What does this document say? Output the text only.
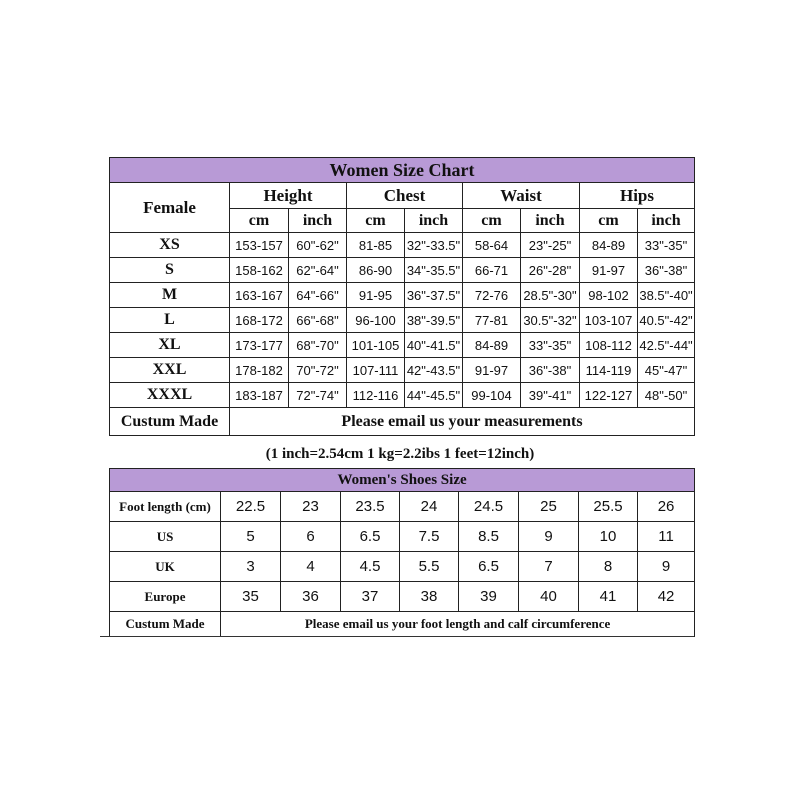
Women Size Chart								
Female	Height		Chest		Waist		Hips	
	cm	inch	cm	inch	cm	inch	cm	inch
XS	153-157	60"-62"	81-85	32"-33.5"	58-64	23"-25"	84-89	33"-35"
S	158-162	62"-64"	86-90	34"-35.5"	66-71	26"-28"	91-97	36"-38"
M	163-167	64"-66"	91-95	36"-37.5"	72-76	28.5"-30"	98-102	38.5"-40"
L	168-172	66"-68"	96-100	38"-39.5"	77-81	30.5"-32"	103-107	40.5"-42"
XL	173-177	68"-70"	101-105	40"-41.5"	84-89	33"-35"	108-112	42.5"-44"
XXL	178-182	70"-72"	107-111	42"-43.5"	91-97	36"-38"	114-119	45"-47"
XXXL	183-187	72"-74"	112-116	44"-45.5"	99-104	39"-41"	122-127	48"-50"
Custum Made	Please email us your measurements							
(1 inch=2.54cm 1 kg=2.2ibs 1 feet=12inch)
Women's Shoes Size								
Foot length (cm)	22.5	23	23.5	24	24.5	25	25.5	26
US	5	6	6.5	7.5	8.5	9	10	11
UK	3	4	4.5	5.5	6.5	7	8	9
Europe	35	36	37	38	39	40	41	42
Custum Made	Please email us your foot length and calf circumference							
